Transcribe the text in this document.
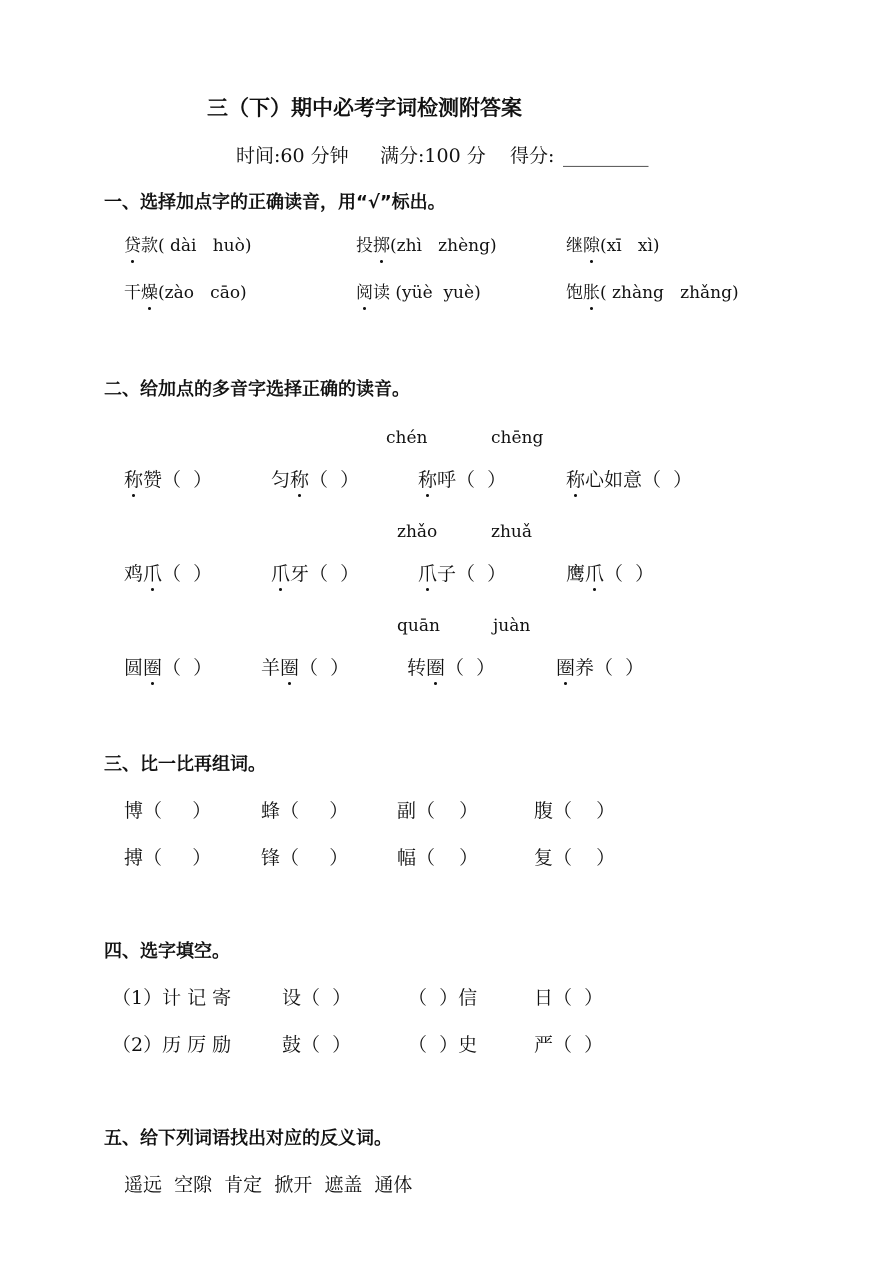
三（下）期中必考字词检测附答案
时间:60 分钟 满分:100 分 得分: _________
一、选择加点字的正确读音，用“√”标出。
贷款( dài   huò)	投掷(zhì   zhèng)	继隙(xī   xì)
干燥(zào   cāo)	阅读 (yüè  yuè)	饱胀( zhàng   zhǎng)
二、给加点的多音字选择正确的读音。
chén	chēng
称赞（  ）	匀称（  ）	称呼（  ）	称心如意（  ）
zhǎo	zhuǎ
鸡爪（  ）	爪牙（  ）	爪子（  ）	鹰爪（  ）
quān	juàn
圆圈（  ）	羊圈（  ）	转圈（  ）	圈养（  ）
三、比一比再组词。
博（     ）	蜂（     ）	副（    ）	腹（    ）
搏（     ）	锋（     ）	幅（    ）	复（    ）
四、选字填空。
（1）计 记 寄	设（  ）	（  ）信	日（  ）
（2）历 厉 励	鼓（  ）	（  ）史	严（  ）
五、给下列词语找出对应的反义词。
遥远  空隙  肯定  掀开  遮盖  通体
